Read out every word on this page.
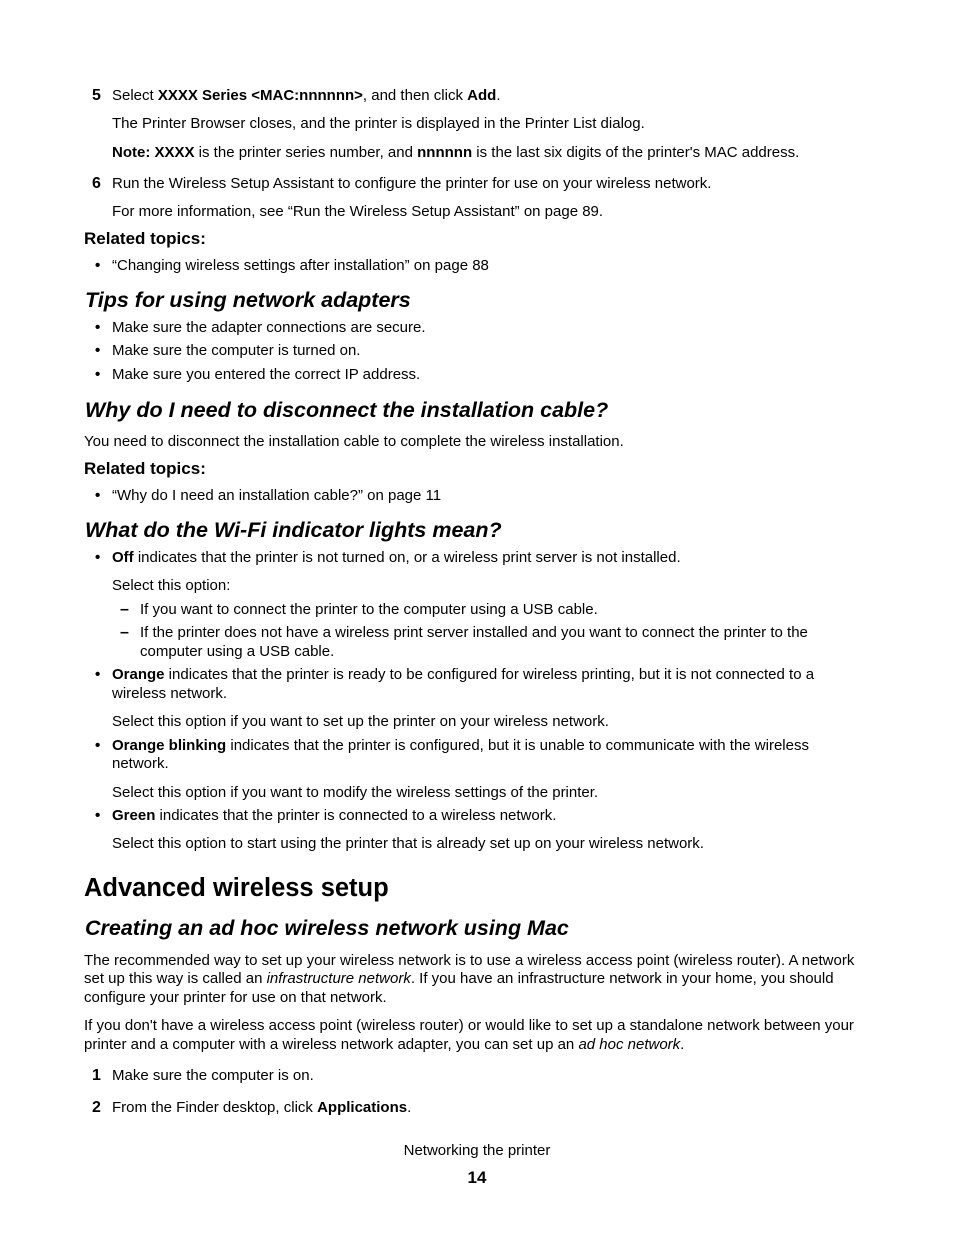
5 Select XXXX Series <MAC:nnnnnn>, and then click Add.

The Printer Browser closes, and the printer is displayed in the Printer List dialog.

Note: XXXX is the printer series number, and nnnnnn is the last six digits of the printer's MAC address.

6 Run the Wireless Setup Assistant to configure the printer for use on your wireless network.

For more information, see “Run the Wireless Setup Assistant” on page 89.

Related topics:

• “Changing wireless settings after installation” on page 88

Tips for using network adapters
• Make sure the adapter connections are secure.

• Make sure the computer is turned on.

• Make sure you entered the correct IP address.

Why do I need to disconnect the installation cable?

You need to disconnect the installation cable to complete the wireless installation.

Related topics:

• “Why do I need an installation cable?” on page 11

What do the Wi-Fi indicator lights mean?
• Off indicates that the printer is not turned on, or a wireless print server is not installed.

Select this option:

– If you want to connect the printer to the computer using a USB cable.

– If the printer does not have a wireless print server installed and you want to connect the printer to the

computer using a USB cable.

• Orange indicates that the printer is ready to be configured for wireless printing, but it is not connected to a

wireless network.

Select this option if you want to set up the printer on your wireless network.

• Orange blinking indicates that the printer is configured, but it is unable to communicate with the wireless

network.

Select this option if you want to modify the wireless settings of the printer.

• Green indicates that the printer is connected to a wireless network.

Select this option to start using the printer that is already set up on your wireless network.

Advanced wireless setup
Creating an ad hoc wireless network using Mac

The recommended way to set up your wireless network is to use a wireless access point (wireless router). A network

set up this way is called an infrastructure network. If you have an infrastructure network in your home, you should

configure your printer for use on that network.

If you don't have a wireless access point (wireless router) or would like to set up a standalone network between your

printer and a computer with a wireless network adapter, you can set up an ad hoc network.

1 Make sure the computer is on.

2 From the Finder desktop, click Applications.

Networking the printer

14
